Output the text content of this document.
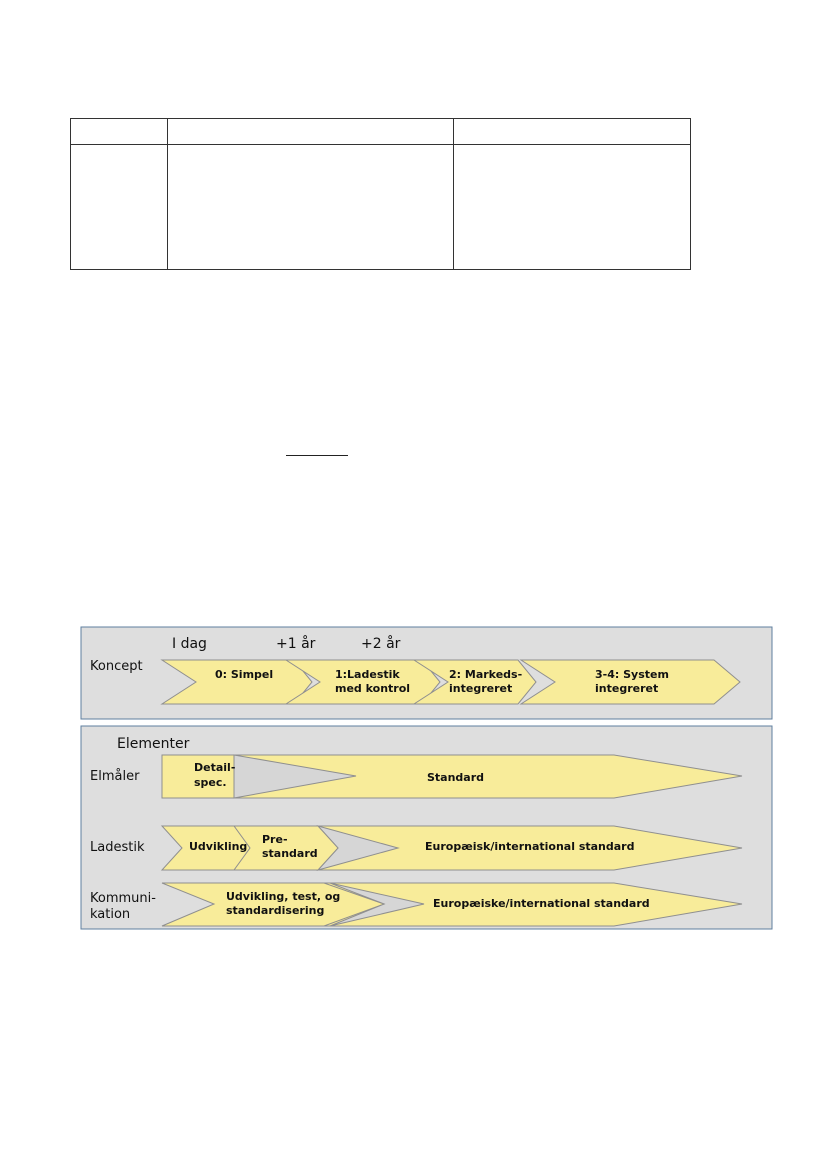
I dag	+1 år	+2 år
Koncept
0: Simpel	1:Ladestik
med kontrol
2: Markeds-
integreret
3-4: System
integreret
Elementer
Elmåler
Detail-
spec.	Standard
Ladestik	Udvikling
Pre-
standard
Europæisk/international standard
Kommuni-
kation
Udvikling, test, og
standardisering
Europæiske/international standard
